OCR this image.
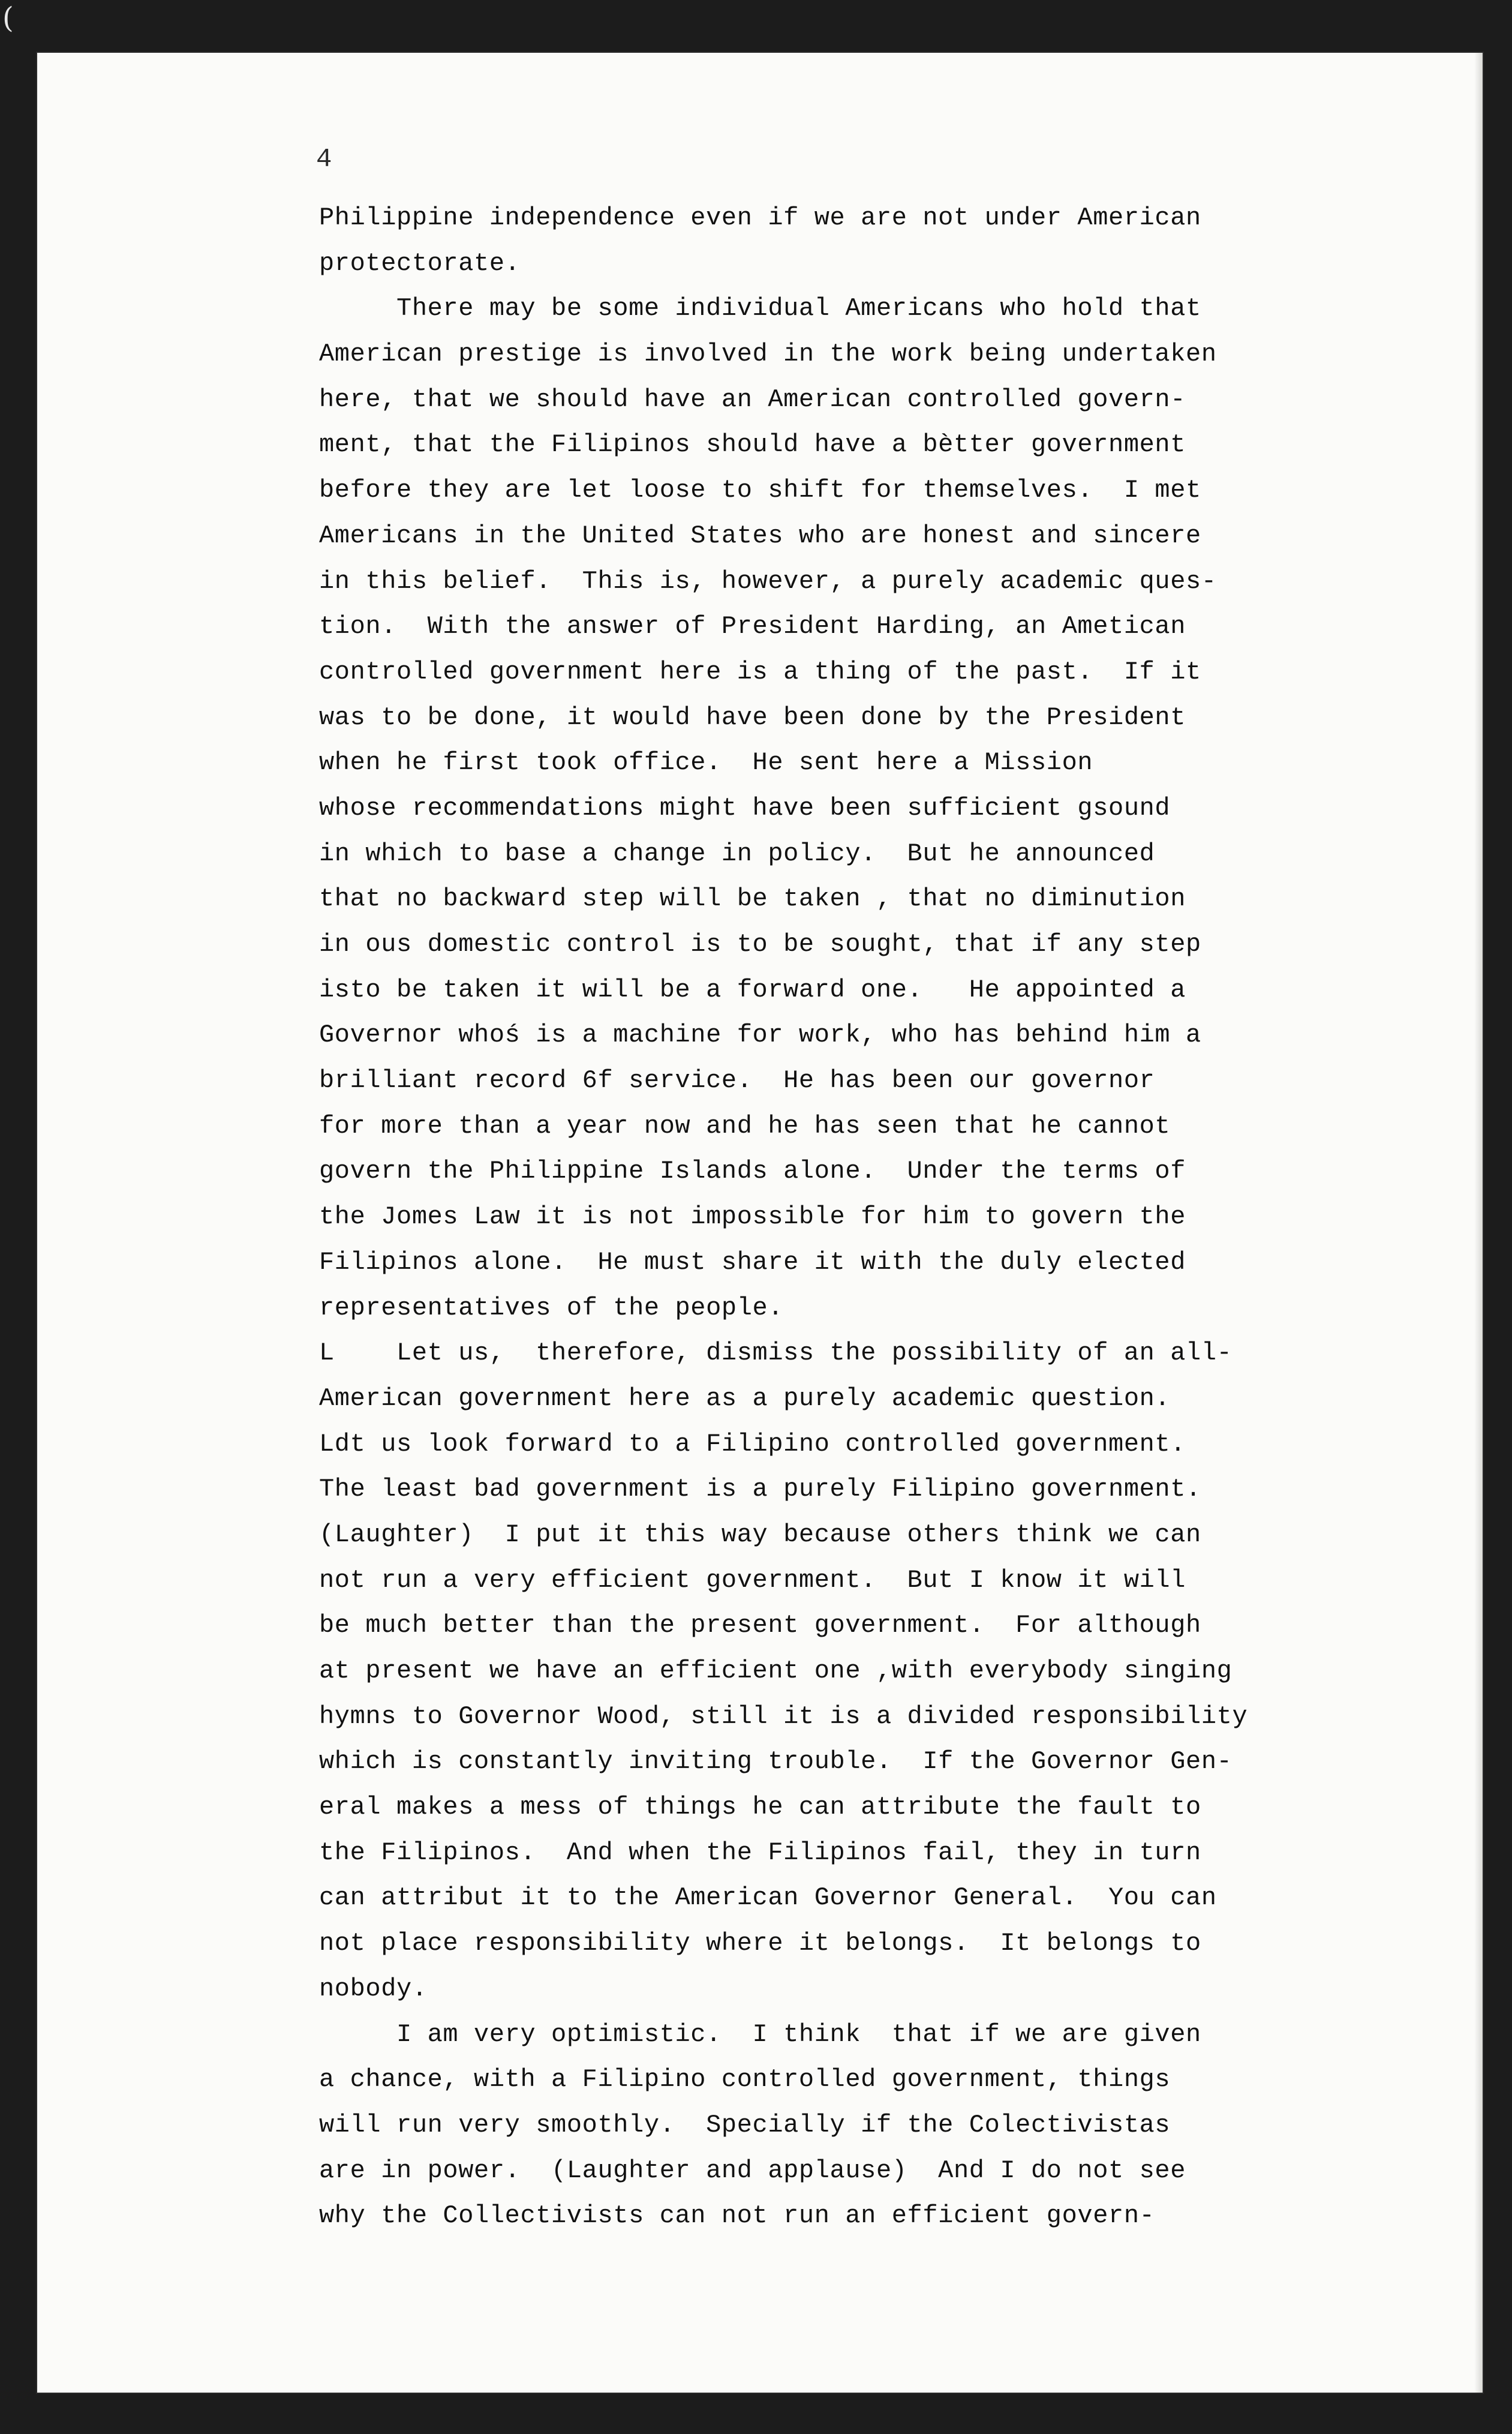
(
4
Philippine independence even if we are not under American
protectorate.
There may be some individual Americans who hold that
American prestige is involved in the work being undertaken
here, that we should have an American controlled govern-
ment, that the Filipinos should have a bètter government
before they are let loose to shift for themselves.  I met
Americans in the United States who are honest and sincere
in this belief.  This is, however, a purely academic ques-
tion.  With the answer of President Harding, an Ametican
controlled government here is a thing of the past.  If it
was to be done, it would have been done by the President
when he first took office.  He sent here a Mission
whose recommendations might have been sufficient gsound
in which to base a change in policy.  But he announced
that no backward step will be taken , that no diminution
in ous domestic control is to be sought, that if any step
isto be taken it will be a forward one.   He appointed a
Governor whoś is a machine for work, who has behind him a
brilliant record 6f service.  He has been our governor
for more than a year now and he has seen that he cannot
govern the Philippine Islands alone.  Under the terms of
the Jomes Law it is not impossible for him to govern the
Filipinos alone.  He must share it with the duly elected
representatives of the people.
L    Let us,  therefore, dismiss the possibility of an all-
American government here as a purely academic question.
Ldt us look forward to a Filipino controlled government.
The least bad government is a purely Filipino government.
(Laughter)  I put it this way because others think we can
not run a very efficient government.  But I know it will
be much better than the present government.  For although
at present we have an efficient one ,with everybody singing
hymns to Governor Wood, still it is a divided responsibility
which is constantly inviting trouble.  If the Governor Gen-
eral makes a mess of things he can attribute the fault to
the Filipinos.  And when the Filipinos fail, they in turn
can attribut it to the American Governor General.  You can
not place responsibility where it belongs.  It belongs to
nobody.
I am very optimistic.  I think  that if we are given
a chance, with a Filipino controlled government, things
will run very smoothly.  Specially if the Colectivistas
are in power.  (Laughter and applause)  And I do not see
why the Collectivists can not run an efficient govern-
